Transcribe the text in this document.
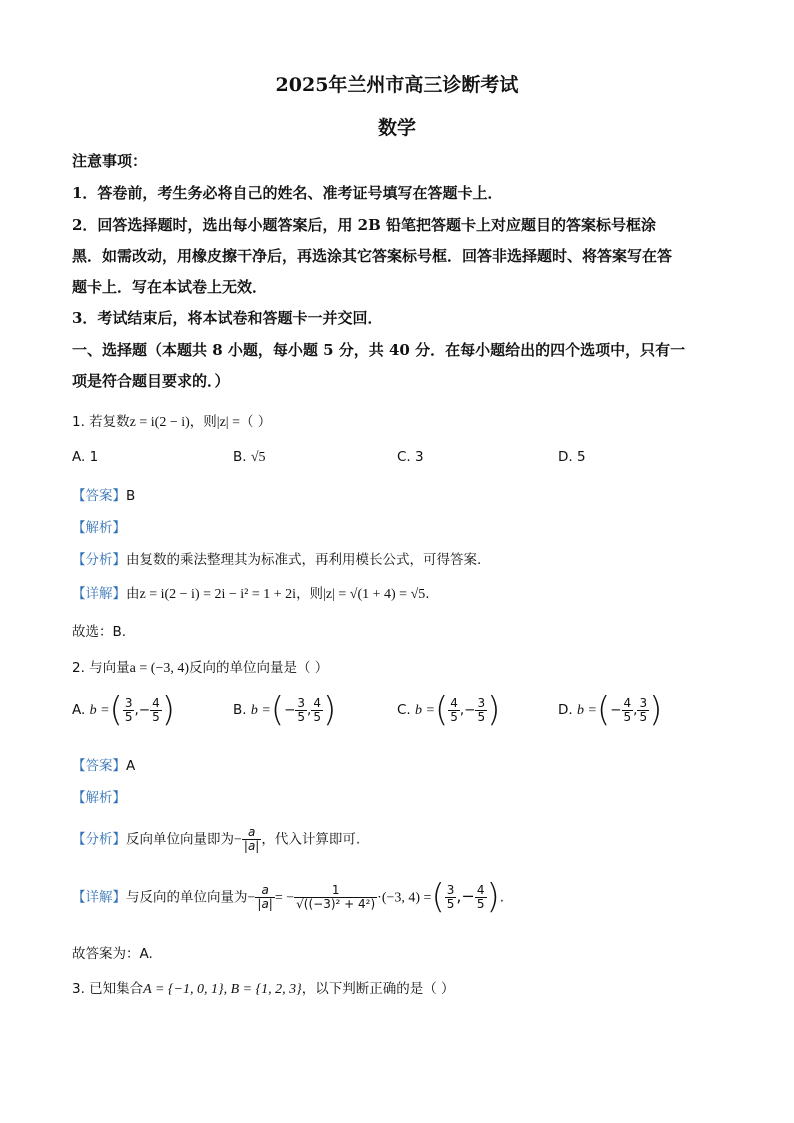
2025年兰州市高三诊断考试
数学
注意事项：
1．答卷前，考生务必将自己的姓名、准考证号填写在答题卡上．
2．回答选择题时，选出每小题答案后，用 2B 铅笔把答题卡上对应题目的答案标号框涂
黑．如需改动，用橡皮擦干净后，再选涂其它答案标号框．回答非选择题时、将答案写在答
题卡上．写在本试卷上无效．
3．考试结束后，将本试卷和答题卡一并交回．
一、选择题（本题共 8 小题，每小题 5 分，共 40 分．在每小题给出的四个选项中，只有一
项是符合题目要求的．）
1. 若复数z = i(2 − i)，则|z| =（ ）
A. 1	B. √5	C. 3	D. 5
【答案】B
【解析】
【分析】由复数的乘法整理其为标准式，再利用模长公式，可得答案.
【详解】由z = i(2 − i) = 2i − i² = 1 + 2i，则|z| = √(1 + 4) = √5.
故选：B.
2. 与向量a = (−3, 4)反向的单位向量是（ ）
A. b =( $\frac{3}{5}$ ,− $\frac{4}{5}$ )	B. b =(− $\frac{3}{5}$ , $\frac{4}{5}$ )	C. b =( $\frac{4}{5}$ ,− $\frac{3}{5}$ )	D. b =(− $\frac{4}{5}$ , $\frac{3}{5}$ )
【答案】A
【解析】
【分析】反向单位向量即为− $\frac{a}{|a|}$ ，代入计算即可.
【详解】与反向的单位向量为− $\frac{a}{|a|}$ = − $\frac{1}{\text{√((−3)² + 4²)}} \cdot(-3$, 4) =( $\frac{3}{5}$ ,− $\frac{4}{5}$ ).
故答案为：A.
3. 已知集合A = {−1, 0, 1}, B = {1, 2, 3}，以下判断正确的是（ ）
